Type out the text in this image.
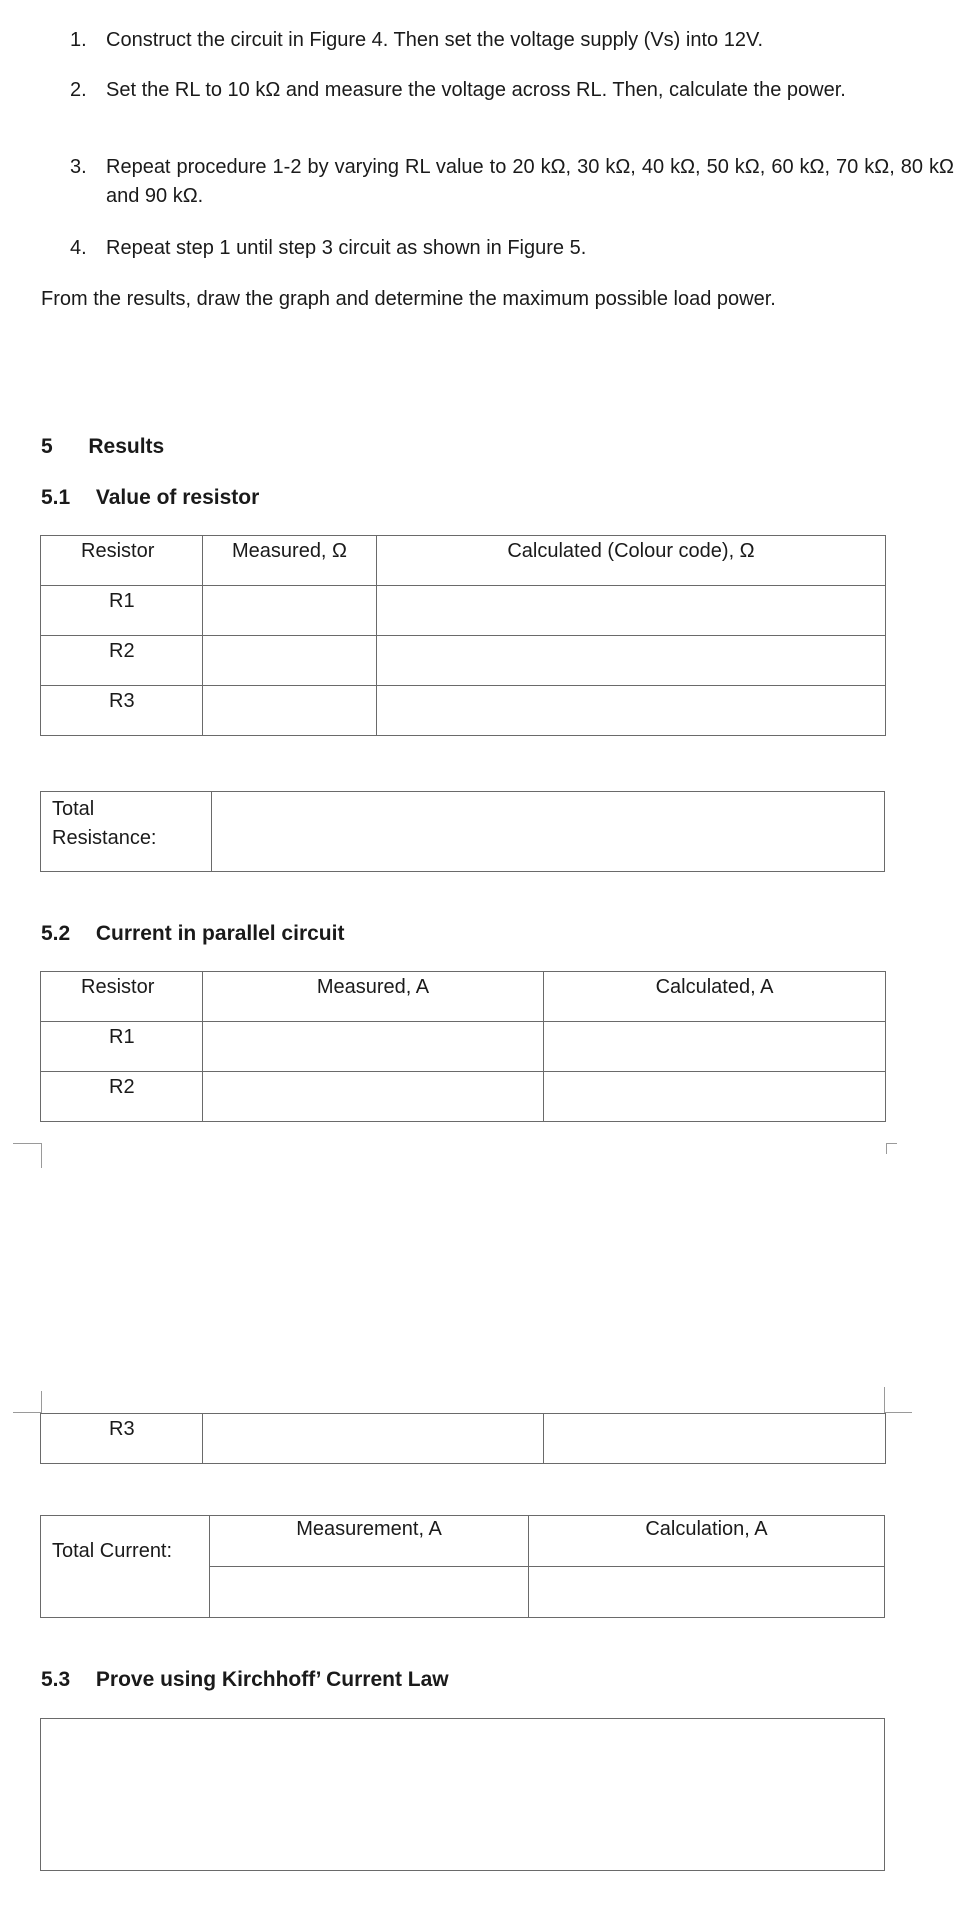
1. Construct the circuit in Figure 4. Then set the voltage supply (Vs) into 12V.
2. Set the RL to 10 kΩ and measure the voltage across RL. Then, calculate the power.
3. Repeat procedure 1-2 by varying RL value to 20 kΩ, 30 kΩ, 40 kΩ, 50 kΩ, 60 kΩ, 70 kΩ, 80 kΩ and 90 kΩ.
4. Repeat step 1 until step 3 circuit as shown in Figure 5.
From the results, draw the graph and determine the maximum possible load power.
5 Results
5.1 Value of resistor
Resistor	Measured, Ω	Calculated (Colour code), Ω

R1		

R2		

R3		

Total
Resistance:
5.2 Current in parallel circuit
Resistor	Measured, A	Calculated, A

R1		

R2		

R3

Total Current:
Measurement, A	Calculation, A
5.3 Prove using Kirchhoff’ Current Law
